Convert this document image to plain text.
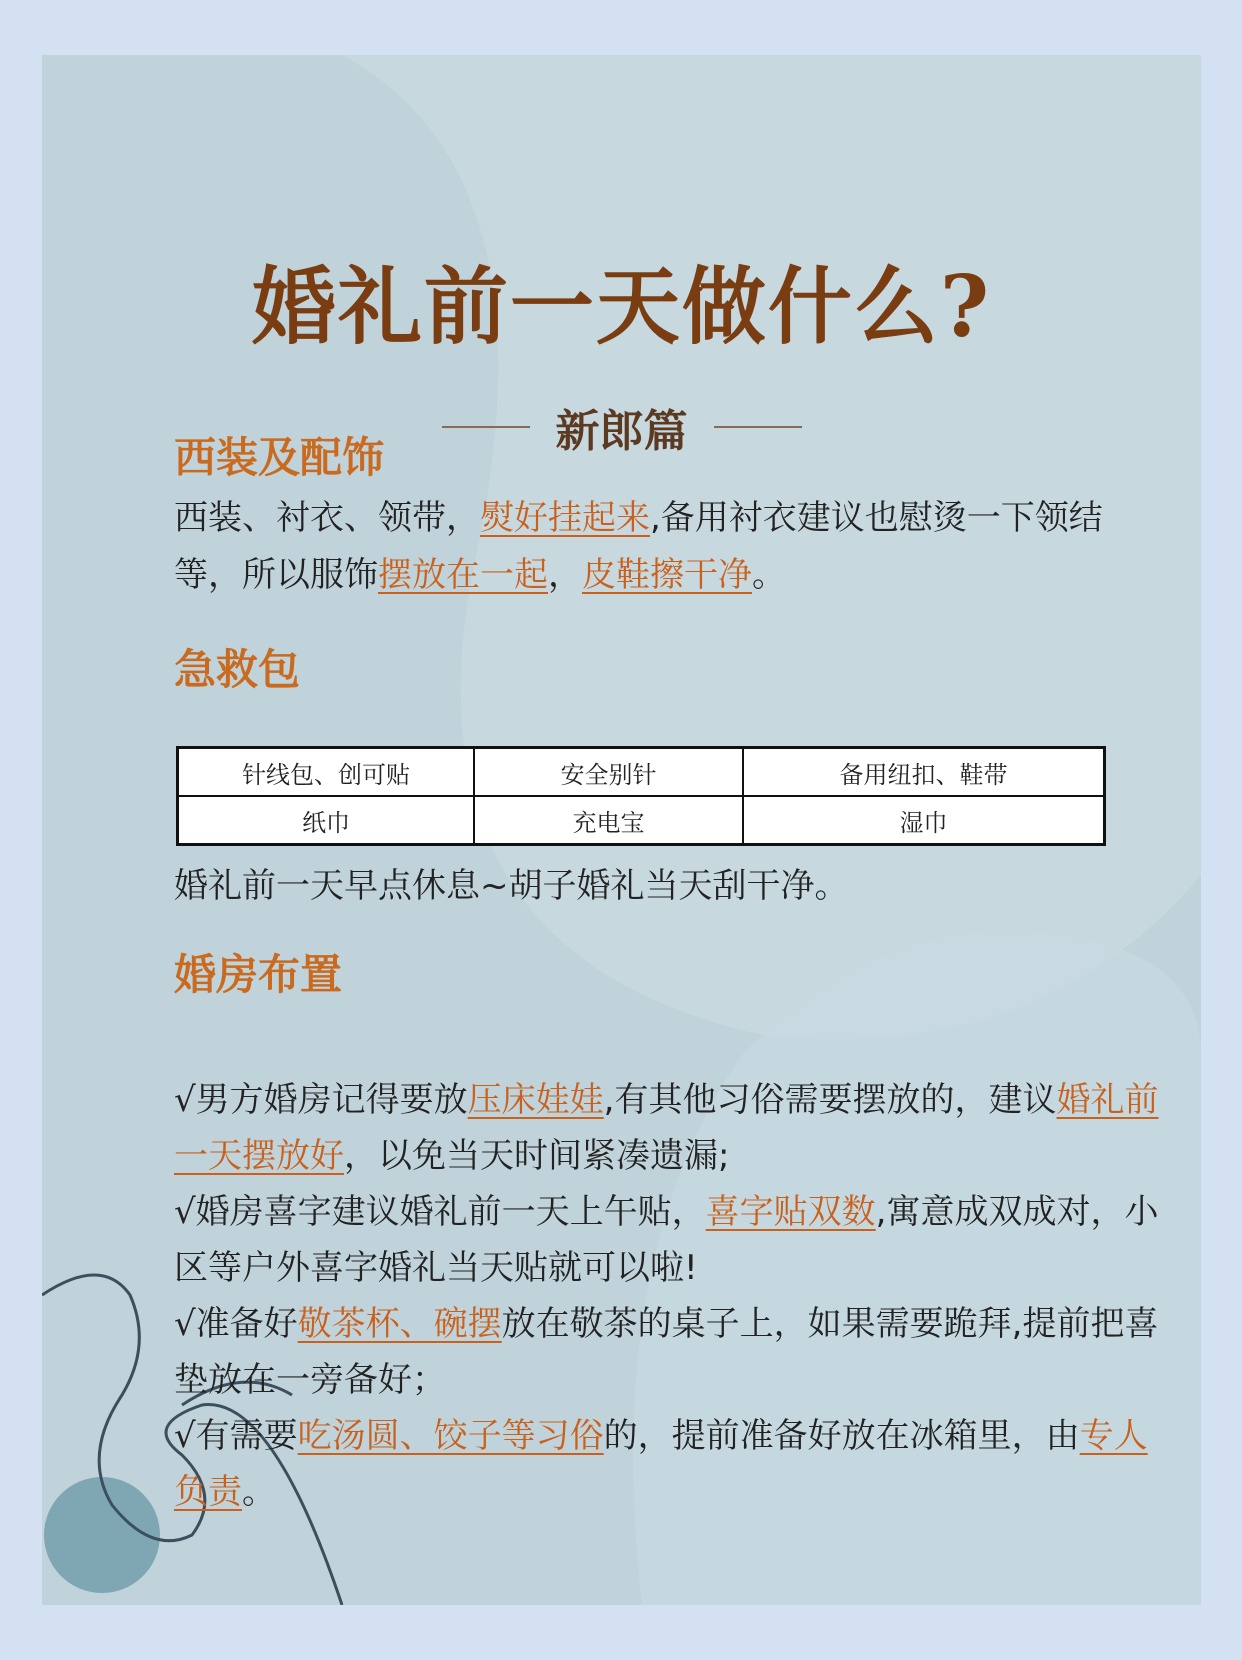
婚礼前一天做什么?
新郎篇
西装及配饰

西装、衬衣、领带，熨好挂起来,备用衬衣建议也慰烫一下领结等，所以服饰摆放在一起，皮鞋擦干净。

急救包
针线包、创可贴	安全别针	备用纽扣、鞋带
纸巾	充电宝	湿巾

婚礼前一天早点休息~胡子婚礼当天刮干净。

婚房布置

√男方婚房记得要放压床娃娃,有其他习俗需要摆放的，建议婚礼前一天摆放好，以免当天时间紧凑遗漏;

√婚房喜字建议婚礼前一天上午贴，喜字贴双数,寓意成双成对，小区等户外喜字婚礼当天贴就可以啦!

√准备好敬茶杯、碗摆放在敬茶的桌子上，如果需要跪拜,提前把喜垫放在一旁备好；

√有需要吃汤圆、饺子等习俗的，提前准备好放在冰箱里，由专人负责。
